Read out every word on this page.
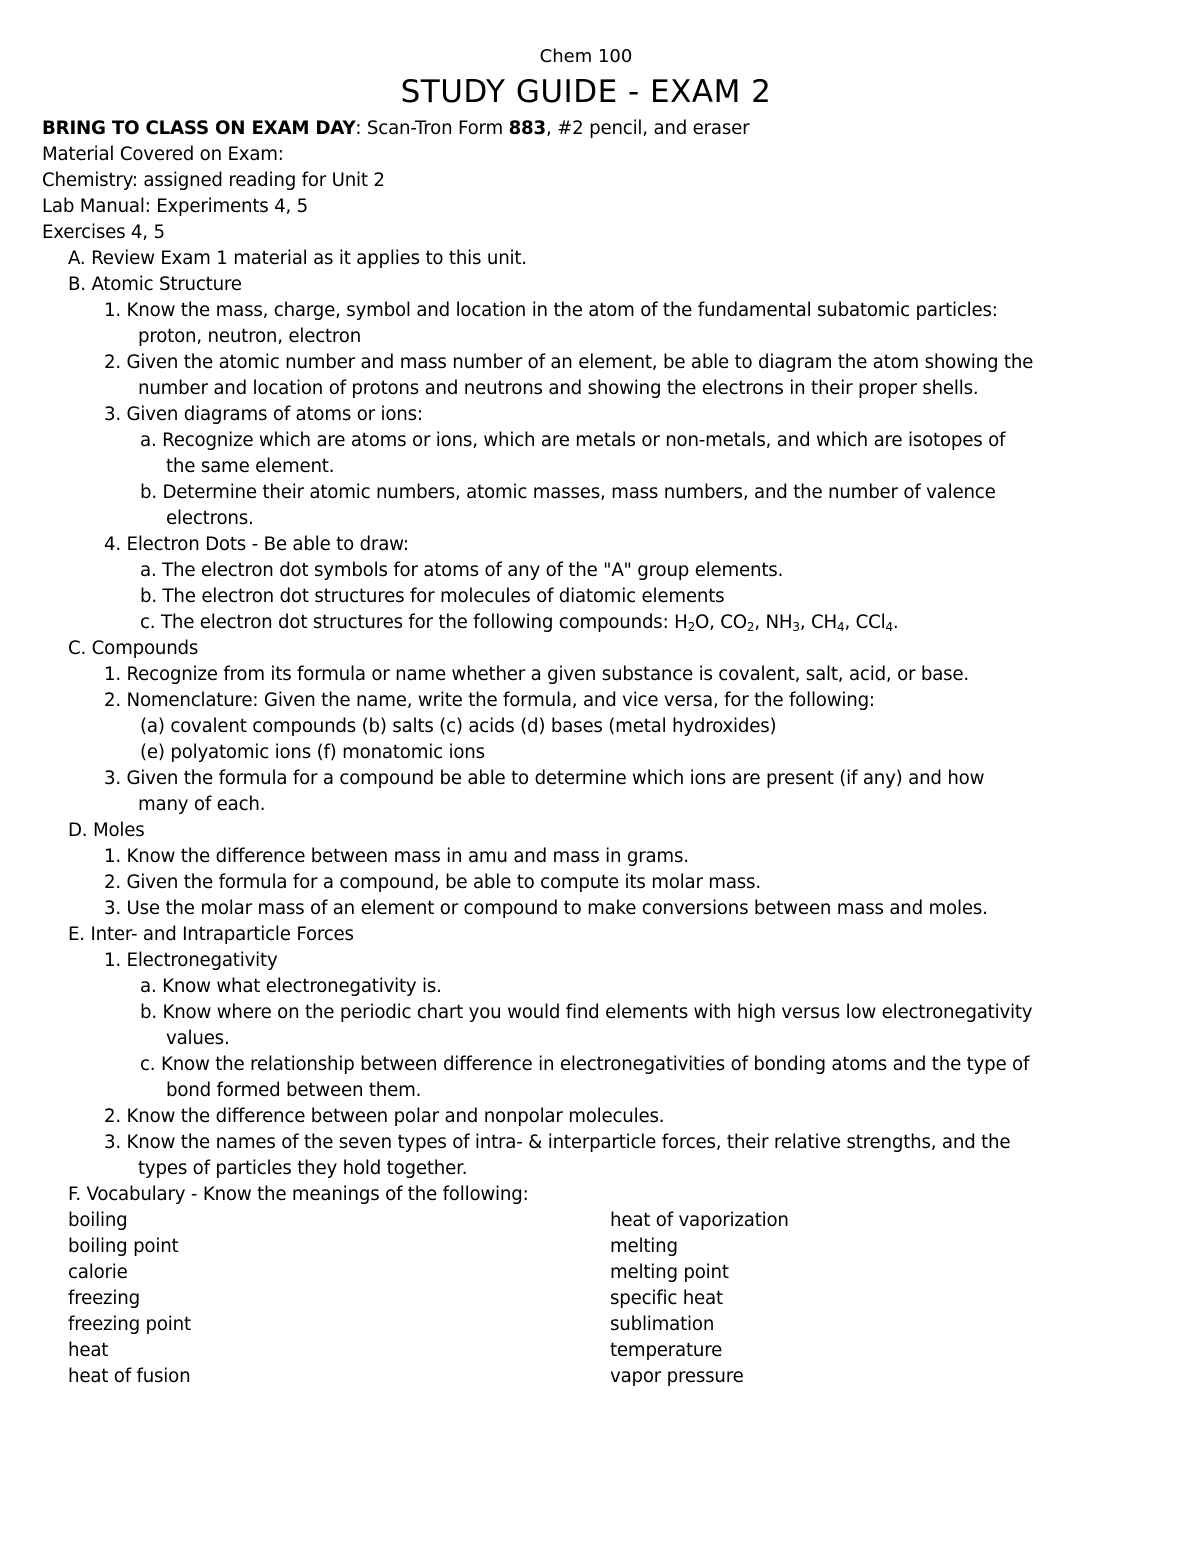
Chem 100
STUDY GUIDE - EXAM 2
BRING TO CLASS ON EXAM DAY: Scan-Tron Form 883, #2 pencil, and eraser
Material Covered on Exam:
Chemistry: assigned reading for Unit 2
Lab Manual: Experiments 4, 5
Exercises 4, 5
A. Review Exam 1 material as it applies to this unit.
B. Atomic Structure
1. Know the mass, charge, symbol and location in the atom of the fundamental subatomic particles:
proton, neutron, electron
2. Given the atomic number and mass number of an element, be able to diagram the atom showing the
number and location of protons and neutrons and showing the electrons in their proper shells.
3. Given diagrams of atoms or ions:
a. Recognize which are atoms or ions, which are metals or non-metals, and which are isotopes of
the same element.
b. Determine their atomic numbers, atomic masses, mass numbers, and the number of valence
electrons.
4. Electron Dots - Be able to draw:
a. The electron dot symbols for atoms of any of the "A" group elements.
b. The electron dot structures for molecules of diatomic elements
c. The electron dot structures for the following compounds: $H_2O$, $CO_2$, $NH_3$, $CH_4$, CCl$_4$.
C. Compounds
1. Recognize from its formula or name whether a given substance is covalent, salt, acid, or base.
2. Nomenclature: Given the name, write the formula, and vice versa, for the following:
(a) covalent compounds (b) salts (c) acids (d) bases (metal hydroxides)
(e) polyatomic ions (f) monatomic ions
3. Given the formula for a compound be able to determine which ions are present (if any) and how
many of each.
D. Moles
1. Know the difference between mass in amu and mass in grams.
2. Given the formula for a compound, be able to compute its molar mass.
3. Use the molar mass of an element or compound to make conversions between mass and moles.
E. Inter- and Intraparticle Forces
1. Electronegativity
a. Know what electronegativity is.
b. Know where on the periodic chart you would find elements with high versus low electronegativity
values.
c. Know the relationship between difference in electronegativities of bonding atoms and the type of
bond formed between them.
2. Know the difference between polar and nonpolar molecules.
3. Know the names of the seven types of intra- & interparticle forces, their relative strengths, and the
types of particles they hold together.
F. Vocabulary - Know the meanings of the following:
boiling
boiling point
calorie
freezing
freezing point
heat
heat of fusion
heat of vaporization
melting
melting point
specific heat
sublimation
temperature
vapor pressure
